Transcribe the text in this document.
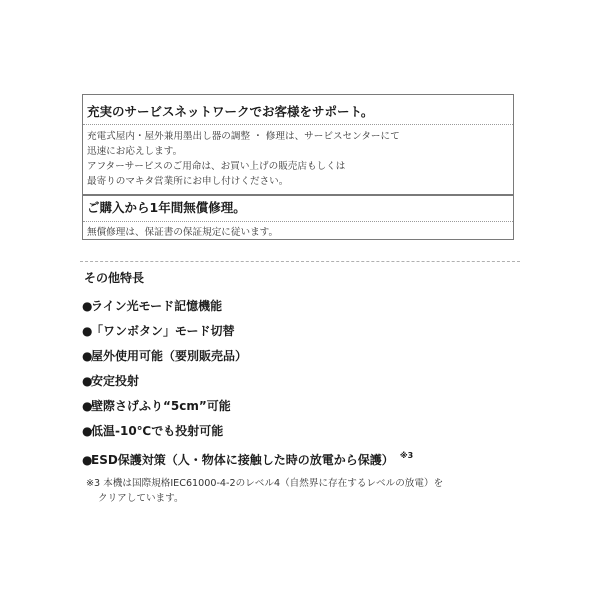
充実のサービスネットワークでお客様をサポート。
充電式屋内・屋外兼用墨出し器の調整 ・ 修理は、サービスセンターにて
迅速にお応えします。
アフターサービスのご用命は、お買い上げの販売店もしくは
最寄りのマキタ営業所にお申し付けください。
ご購入から1年間無償修理。
無償修理は、保証書の保証規定に従います。
その他特長
●ライン光モード記憶機能
●「ワンボタン」モード切替
●屋外使用可能（要別販売品）
●安定投射
●壁際さげふり“5cm”可能
●低温-10℃でも投射可能
●ESD保護対策（人・物体に接触した時の放電から保護） $^{※3}$
※3 本機は国際規格IEC61000-4-2のレベル4（自然界に存在するレベルの放電）を
クリアしています。
